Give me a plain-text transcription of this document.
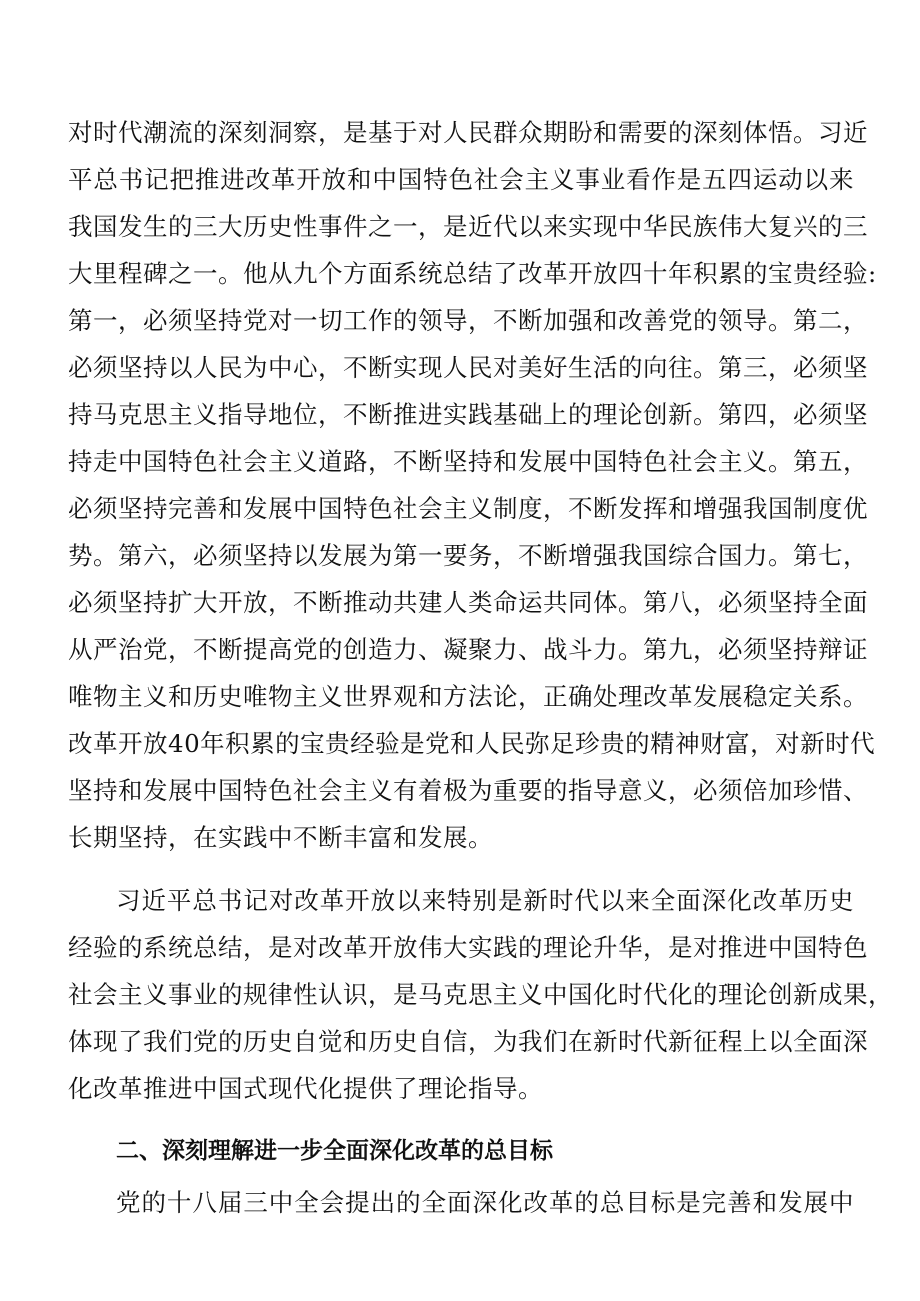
对时代潮流的深刻洞察，是基于对人民群众期盼和需要的深刻体悟。习近
平总书记把推进改革开放和中国特色社会主义事业看作是五四运动以来
我国发生的三大历史性事件之一，是近代以来实现中华民族伟大复兴的三
大里程碑之一。他从九个方面系统总结了改革开放四十年积累的宝贵经验:
第一，必须坚持党对一切工作的领导，不断加强和改善党的领导。第二，
必须坚持以人民为中心，不断实现人民对美好生活的向往。第三，必须坚
持马克思主义指导地位，不断推进实践基础上的理论创新。第四，必须坚
持走中国特色社会主义道路，不断坚持和发展中国特色社会主义。第五，
必须坚持完善和发展中国特色社会主义制度，不断发挥和增强我国制度优
势。第六，必须坚持以发展为第一要务，不断增强我国综合国力。第七，
必须坚持扩大开放，不断推动共建人类命运共同体。第八，必须坚持全面
从严治党，不断提高党的创造力、凝聚力、战斗力。第九，必须坚持辩证
唯物主义和历史唯物主义世界观和方法论，正确处理改革发展稳定关系。
改革开放40年积累的宝贵经验是党和人民弥足珍贵的精神财富，对新时代
坚持和发展中国特色社会主义有着极为重要的指导意义，必须倍加珍惜、
长期坚持，在实践中不断丰富和发展。
习近平总书记对改革开放以来特别是新时代以来全面深化改革历史
经验的系统总结，是对改革开放伟大实践的理论升华，是对推进中国特色
社会主义事业的规律性认识，是马克思主义中国化时代化的理论创新成果，
体现了我们党的历史自觉和历史自信，为我们在新时代新征程上以全面深
化改革推进中国式现代化提供了理论指导。
二、深刻理解进一步全面深化改革的总目标
党的十八届三中全会提出的全面深化改革的总目标是完善和发展中
